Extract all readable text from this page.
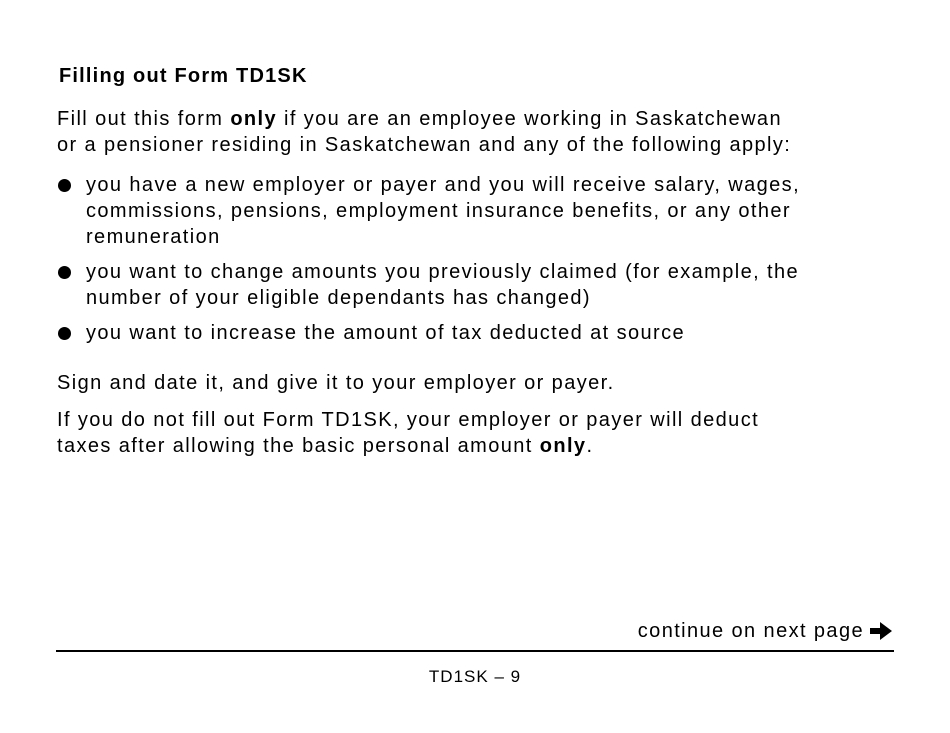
Filling out Form TD1SK
Fill out this form only if you are an employee working in Saskatchewan
or a pensioner residing in Saskatchewan and any of the following apply:
you have a new employer or payer and you will receive salary, wages,
commissions, pensions, employment insurance benefits, or any other
remuneration
you want to change amounts you previously claimed (for example, the
number of your eligible dependants has changed)
you want to increase the amount of tax deducted at source
Sign and date it, and give it to your employer or payer.
If you do not fill out Form TD1SK, your employer or payer will deduct
taxes after allowing the basic personal amount only.
continue on next page
TD1SK – 9
